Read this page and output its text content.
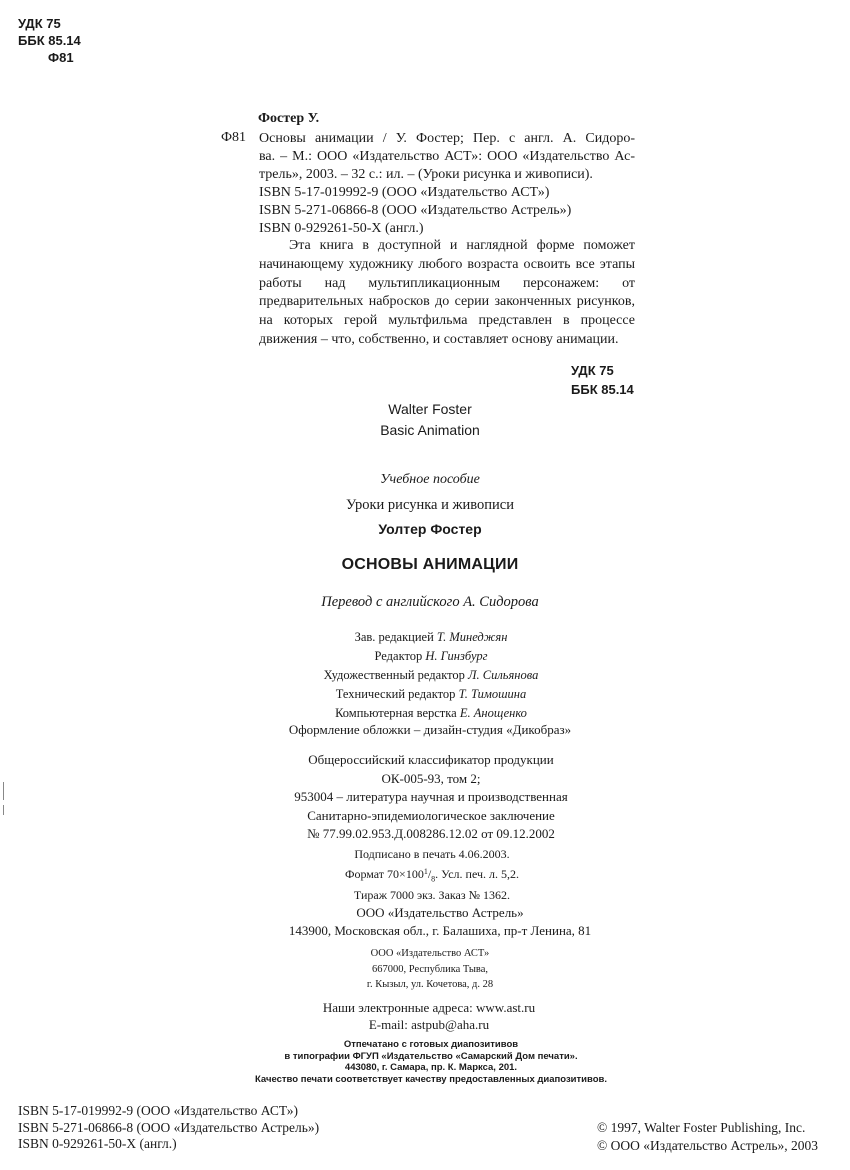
УДК 75
ББК 85.14
Ф81
Фостер У.
Ф81 Основы анимации / У. Фостер; Пер. с англ. А. Сидоро-
ва. – М.: ООО «Издательство АСТ»: ООО «Издательство Ас-
трель», 2003. – 32 с.: ил. – (Уроки рисунка и живописи).
ISBN 5-17-019992-9 (ООО «Издательство АСТ»)
ISBN 5-271-06866-8 (ООО «Издательство Астрель»)
ISBN 0-929261-50-Х (англ.)

Эта книга в доступной и наглядной форме поможет начинающему художнику любого возраста освоить все этапы работы над мультипликационным персонажем: от предварительных набросков до серии законченных рисунков, на которых герой мультфильма представлен в процессе движения – что, собственно, и составляет основу анимации.

УДК 75
ББК 85.14
Walter Foster
Basic Animation
Учебное пособие
Уроки рисунка и живописи
Уолтер Фостер
ОСНОВЫ АНИМАЦИИ
Перевод с английского А. Сидорова
Зав. редакцией Т. Минеджян
Редактор Н. Гинзбург
Художественный редактор Л. Сильянова
Технический редактор Т. Тимошина
Компьютерная верстка Е. Анощенко
Оформление обложки – дизайн-студия «Дикобраз»
Общероссийский классификатор продукции
ОК-005-93, том 2;
953004 – литература научная и производственная
Санитарно-эпидемиологическое заключение
№ 77.99.02.953.Д.008286.12.02 от 09.12.2002
Подписано в печать 4.06.2003.
Формат $70\times 100^1/_8$. Усл. печ. л. 5,2.
Тираж 7000 экз. Заказ № 1362.
ООО «Издательство Астрель»
143900, Московская обл., г. Балашиха, пр-т Ленина, 81
ООО «Издательство АСТ»
667000, Республика Тыва,
г. Кызыл, ул. Кочетова, д. 28
Наши электронные адреса: www.ast.ru
E-mail: astpub@aha.ru
Отпечатано с готовых диапозитивов
в типографии ФГУП «Издательство «Самарский Дом печати».
443080, г. Самара, пр. К. Маркса, 201.
Качество печати соответствует качеству предоставленных диапозитивов.
ISBN 5-17-019992-9 (ООО «Издательство АСТ»)
ISBN 5-271-06866-8 (ООО «Издательство Астрель»)
ISBN 0-929261-50-Х (англ.)
© 1997, Walter Foster Publishing, Inc.
© ООО «Издательство Астрель», 2003
